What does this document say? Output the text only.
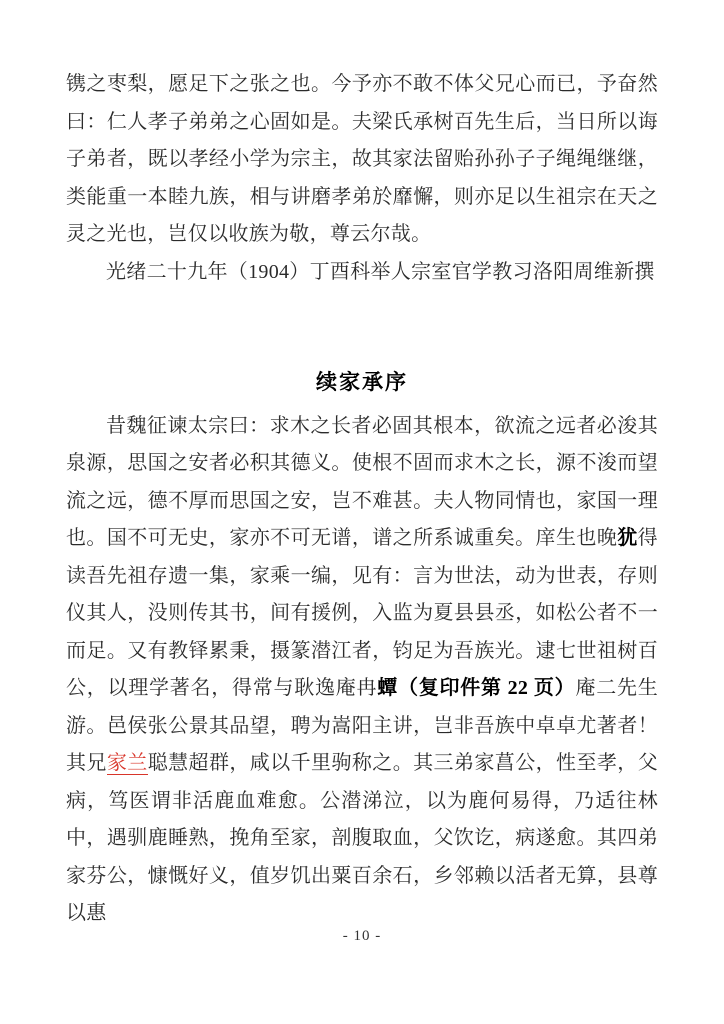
镌之枣梨，愿足下之张之也。今予亦不敢不体父兄心而已，予奋然曰：仁人孝子弟弟之心固如是。夫梁氏承树百先生后，当日所以诲子弟者，既以孝经小学为宗主，故其家法留贻孙孙子子绳绳继继，类能重一本睦九族，相与讲磨孝弟於靡懈，则亦足以生祖宗在天之灵之光也，岂仅以收族为敬，尊云尔哉。

光绪二十九年（1904）丁酉科举人宗室官学教习洛阳周维新撰

续家承序

昔魏征谏太宗曰：求木之长者必固其根本，欲流之远者必浚其泉源，思国之安者必积其德义。使根不固而求木之长，源不浚而望流之远，德不厚而思国之安，岂不难甚。夫人物同情也，家国一理也。国不可无史，家亦不可无谱，谱之所系诚重矣。庠生也晚犹得读吾先祖存遗一集，家乘一编，见有：言为世法，动为世表，存则仪其人，没则传其书，间有援例，入监为夏县县丞，如松公者不一而足。又有教铎累秉，摄篆潜江者，钧足为吾族光。逮七世祖树百公，以理学著名，得常与耿逸庵冉蟫（复印件第 22 页）庵二先生游。邑侯张公景其品望，聘为嵩阳主讲，岂非吾族中卓卓尤著者！其兄家兰聪慧超群，咸以千里驹称之。其三弟家菖公，性至孝，父病，笃医谓非活鹿血难愈。公潜涕泣，以为鹿何易得，乃适往林中，遇驯鹿睡熟，挽角至家，剖腹取血，父饮讫，病遂愈。其四弟家芬公，慷慨好义，值岁饥出粟百余石，乡邻赖以活者无算，县尊以惠

- 10 -
